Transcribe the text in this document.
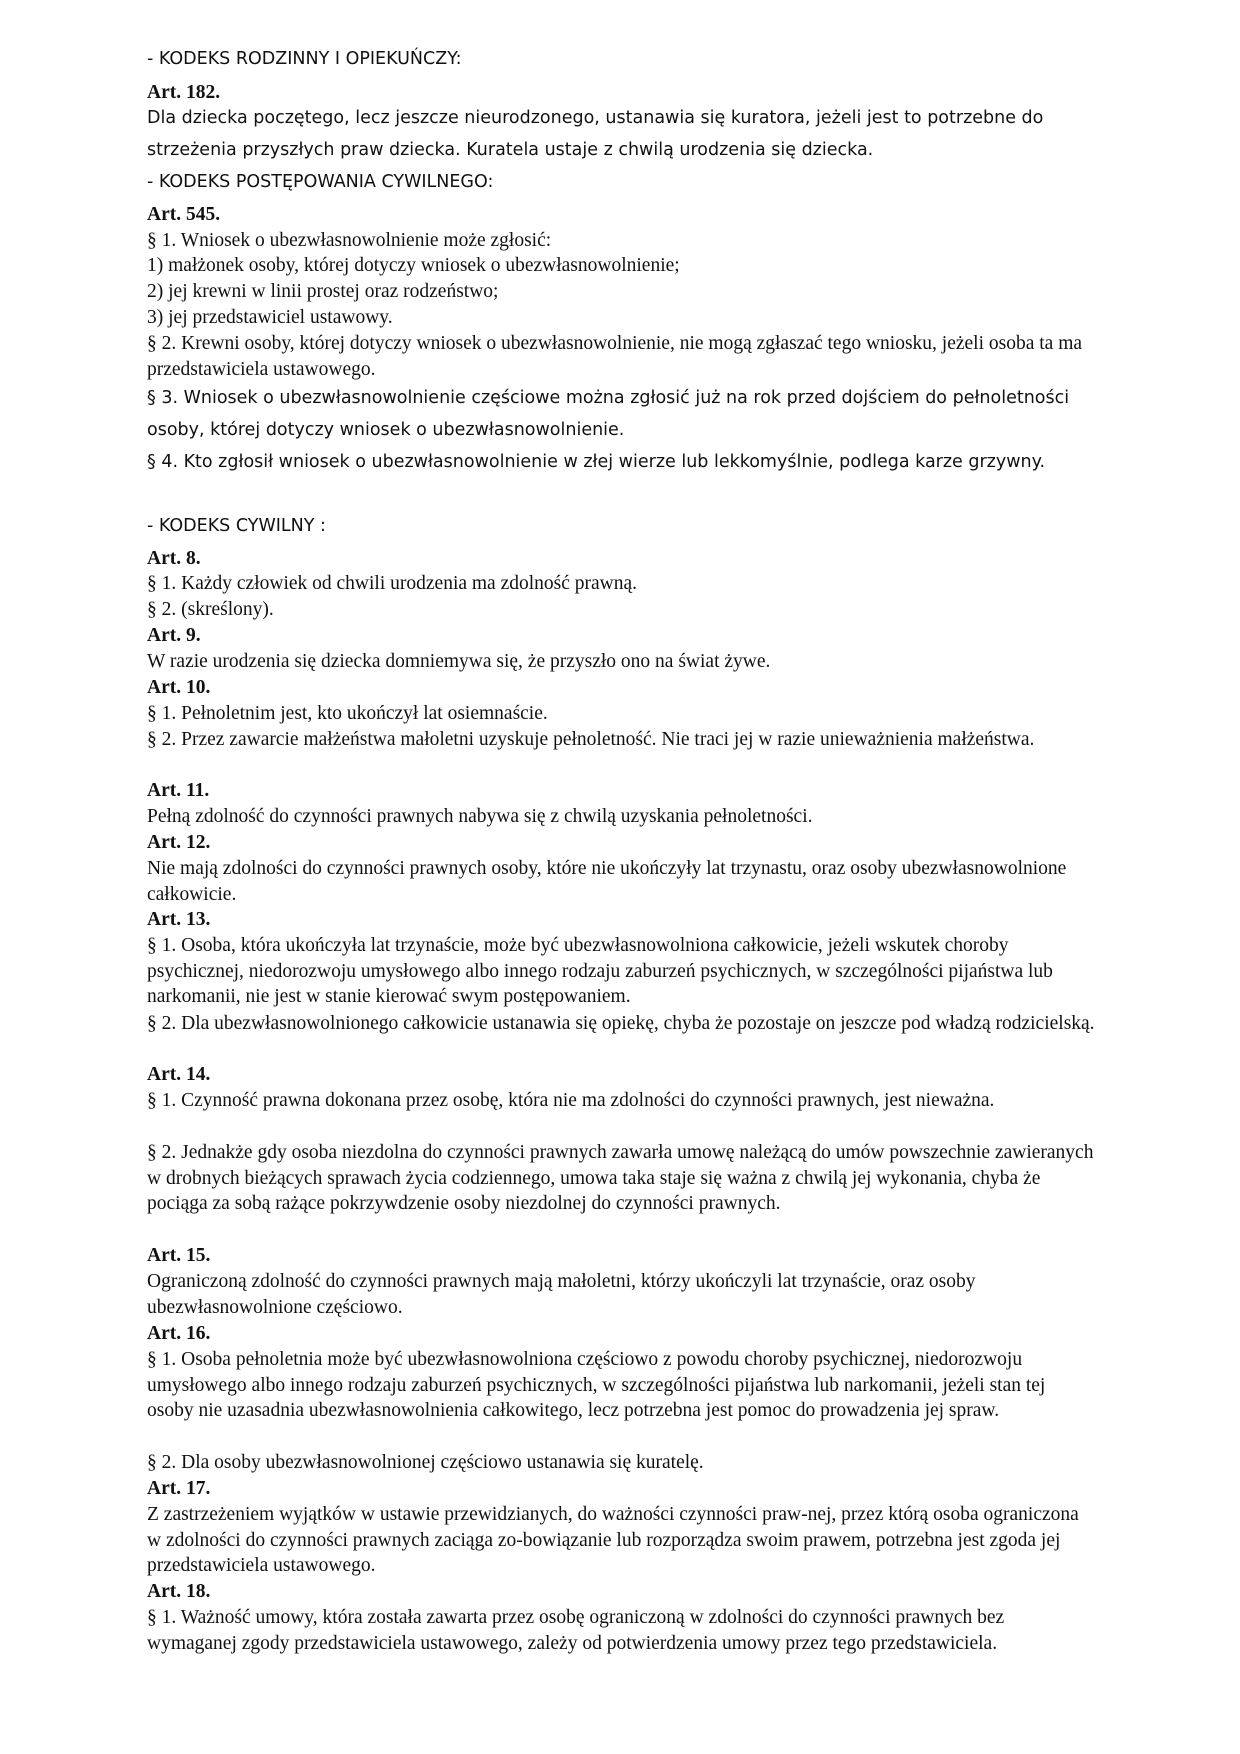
- KODEKS RODZINNY I OPIEKUŃCZY:

Art. 182.

Dla dziecka poczętego, lecz jeszcze nieurodzonego, ustanawia się kuratora, jeżeli jest to potrzebne do strzeżenia przyszłych praw dziecka. Kuratela ustaje z chwilą urodzenia się dziecka.

- KODEKS POSTĘPOWANIA CYWILNEGO:

Art. 545.

§ 1. Wniosek o ubezwłasnowolnienie może zgłosić:

1) małżonek osoby, której dotyczy wniosek o ubezwłasnowolnienie;

2) jej krewni w linii prostej oraz rodzeństwo;

3) jej przedstawiciel ustawowy.

§ 2. Krewni osoby, której dotyczy wniosek o ubezwłasnowolnienie, nie mogą zgłaszać tego wniosku, jeżeli osoba ta ma przedstawiciela ustawowego.

§ 3. Wniosek o ubezwłasnowolnienie częściowe można zgłosić już na rok przed dojściem do pełnoletności osoby, której dotyczy wniosek o ubezwłasnowolnienie.

§ 4. Kto zgłosił wniosek o ubezwłasnowolnienie w złej wierze lub lekkomyślnie, podlega karze grzywny.

- KODEKS CYWILNY :

Art. 8.

§ 1. Każdy człowiek od chwili urodzenia ma zdolność prawną.

§ 2. (skreślony).

Art. 9.

W razie urodzenia się dziecka domniemywa się, że przyszło ono na świat żywe.

Art. 10.

§ 1. Pełnoletnim jest, kto ukończył lat osiemnaście.

§ 2. Przez zawarcie małżeństwa małoletni uzyskuje pełnoletność. Nie traci jej w razie unieważnienia małżeństwa.

Art. 11.

Pełną zdolność do czynności prawnych nabywa się z chwilą uzyskania pełnoletności.

Art. 12.

Nie mają zdolności do czynności prawnych osoby, które nie ukończyły lat trzynastu, oraz osoby ubezwłasnowolnione całkowicie.

Art. 13.

§ 1. Osoba, która ukończyła lat trzynaście, może być ubezwłasnowolniona całkowicie, jeżeli wskutek choroby psychicznej, niedorozwoju umysłowego albo innego rodzaju zaburzeń psychicznych, w szczególności pijaństwa lub narkomanii, nie jest w stanie kierować swym postępowaniem.

§ 2. Dla ubezwłasnowolnionego całkowicie ustanawia się opiekę, chyba że pozostaje on jeszcze pod władzą rodzicielską.

Art. 14.

§ 1. Czynność prawna dokonana przez osobę, która nie ma zdolności do czynności prawnych, jest nieważna.

§ 2. Jednakże gdy osoba niezdolna do czynności prawnych zawarła umowę należącą do umów powszechnie zawieranych w drobnych bieżących sprawach życia codziennego, umowa taka staje się ważna z chwilą jej wykonania, chyba że pociąga za sobą rażące pokrzywdzenie osoby niezdolnej do czynności prawnych.

Art. 15.

Ograniczoną zdolność do czynności prawnych mają małoletni, którzy ukończyli lat trzynaście, oraz osoby ubezwłasnowolnione częściowo.

Art. 16.

§ 1. Osoba pełnoletnia może być ubezwłasnowolniona częściowo z powodu choroby psychicznej, niedorozwoju umysłowego albo innego rodzaju zaburzeń psychicznych, w szczególności pijaństwa lub narkomanii, jeżeli stan tej osoby nie uzasadnia ubezwłasnowolnienia całkowitego, lecz potrzebna jest pomoc do prowadzenia jej spraw.

§ 2. Dla osoby ubezwłasnowolnionej częściowo ustanawia się kuratelę.

Art. 17.

Z zastrzeżeniem wyjątków w ustawie przewidzianych, do ważności czynności praw-nej, przez którą osoba ograniczona w zdolności do czynności prawnych zaciąga zo-bowiązanie lub rozporządza swoim prawem, potrzebna jest zgoda jej przedstawiciela ustawowego.

Art. 18.

§ 1. Ważność umowy, która została zawarta przez osobę ograniczoną w zdolności do czynności prawnych bez wymaganej zgody przedstawiciela ustawowego, zależy od potwierdzenia umowy przez tego przedstawiciela.
